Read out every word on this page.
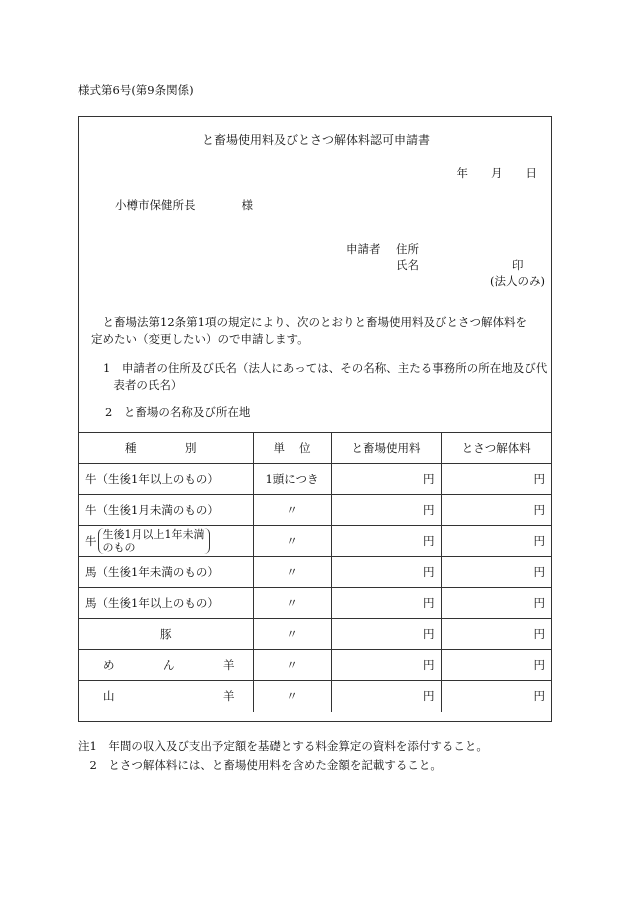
様式第6号(第9条関係)
と畜場使用料及びとさつ解体料認可申請書
年　　月　　日
小樽市保健所長　　　　様
申請者 住所
氏名	印
(法人のみ)
と畜場法第12条第1項の規定により、次のとおりと畜場使用料及びとさつ解体料を定めたい（変更したい）ので申請します。
1　申請者の住所及び氏名（法人にあっては、その名称、主たる事務所の所在地及び代表者の氏名）
2　と畜場の名称及び所在地
種 別	単 位	と畜場使用料	とさつ解体料
牛（生後1年以上のもの）	1頭につき	円	円
牛（生後1月未満のもの）	〃	円	円

牛 生後1月以上1年未満
のもの	〃	円	円
馬（生後1年未満のもの）	〃	円	円
馬（生後1年以上のもの）	〃	円	円
豚	〃	円	円

め ん 羊	〃	円	円

山 羊	〃	円	円
注1　年間の収入及び支出予定額を基礎とする料金算定の資料を添付すること。
　2　とさつ解体料には、と畜場使用料を含めた金額を記載すること。
